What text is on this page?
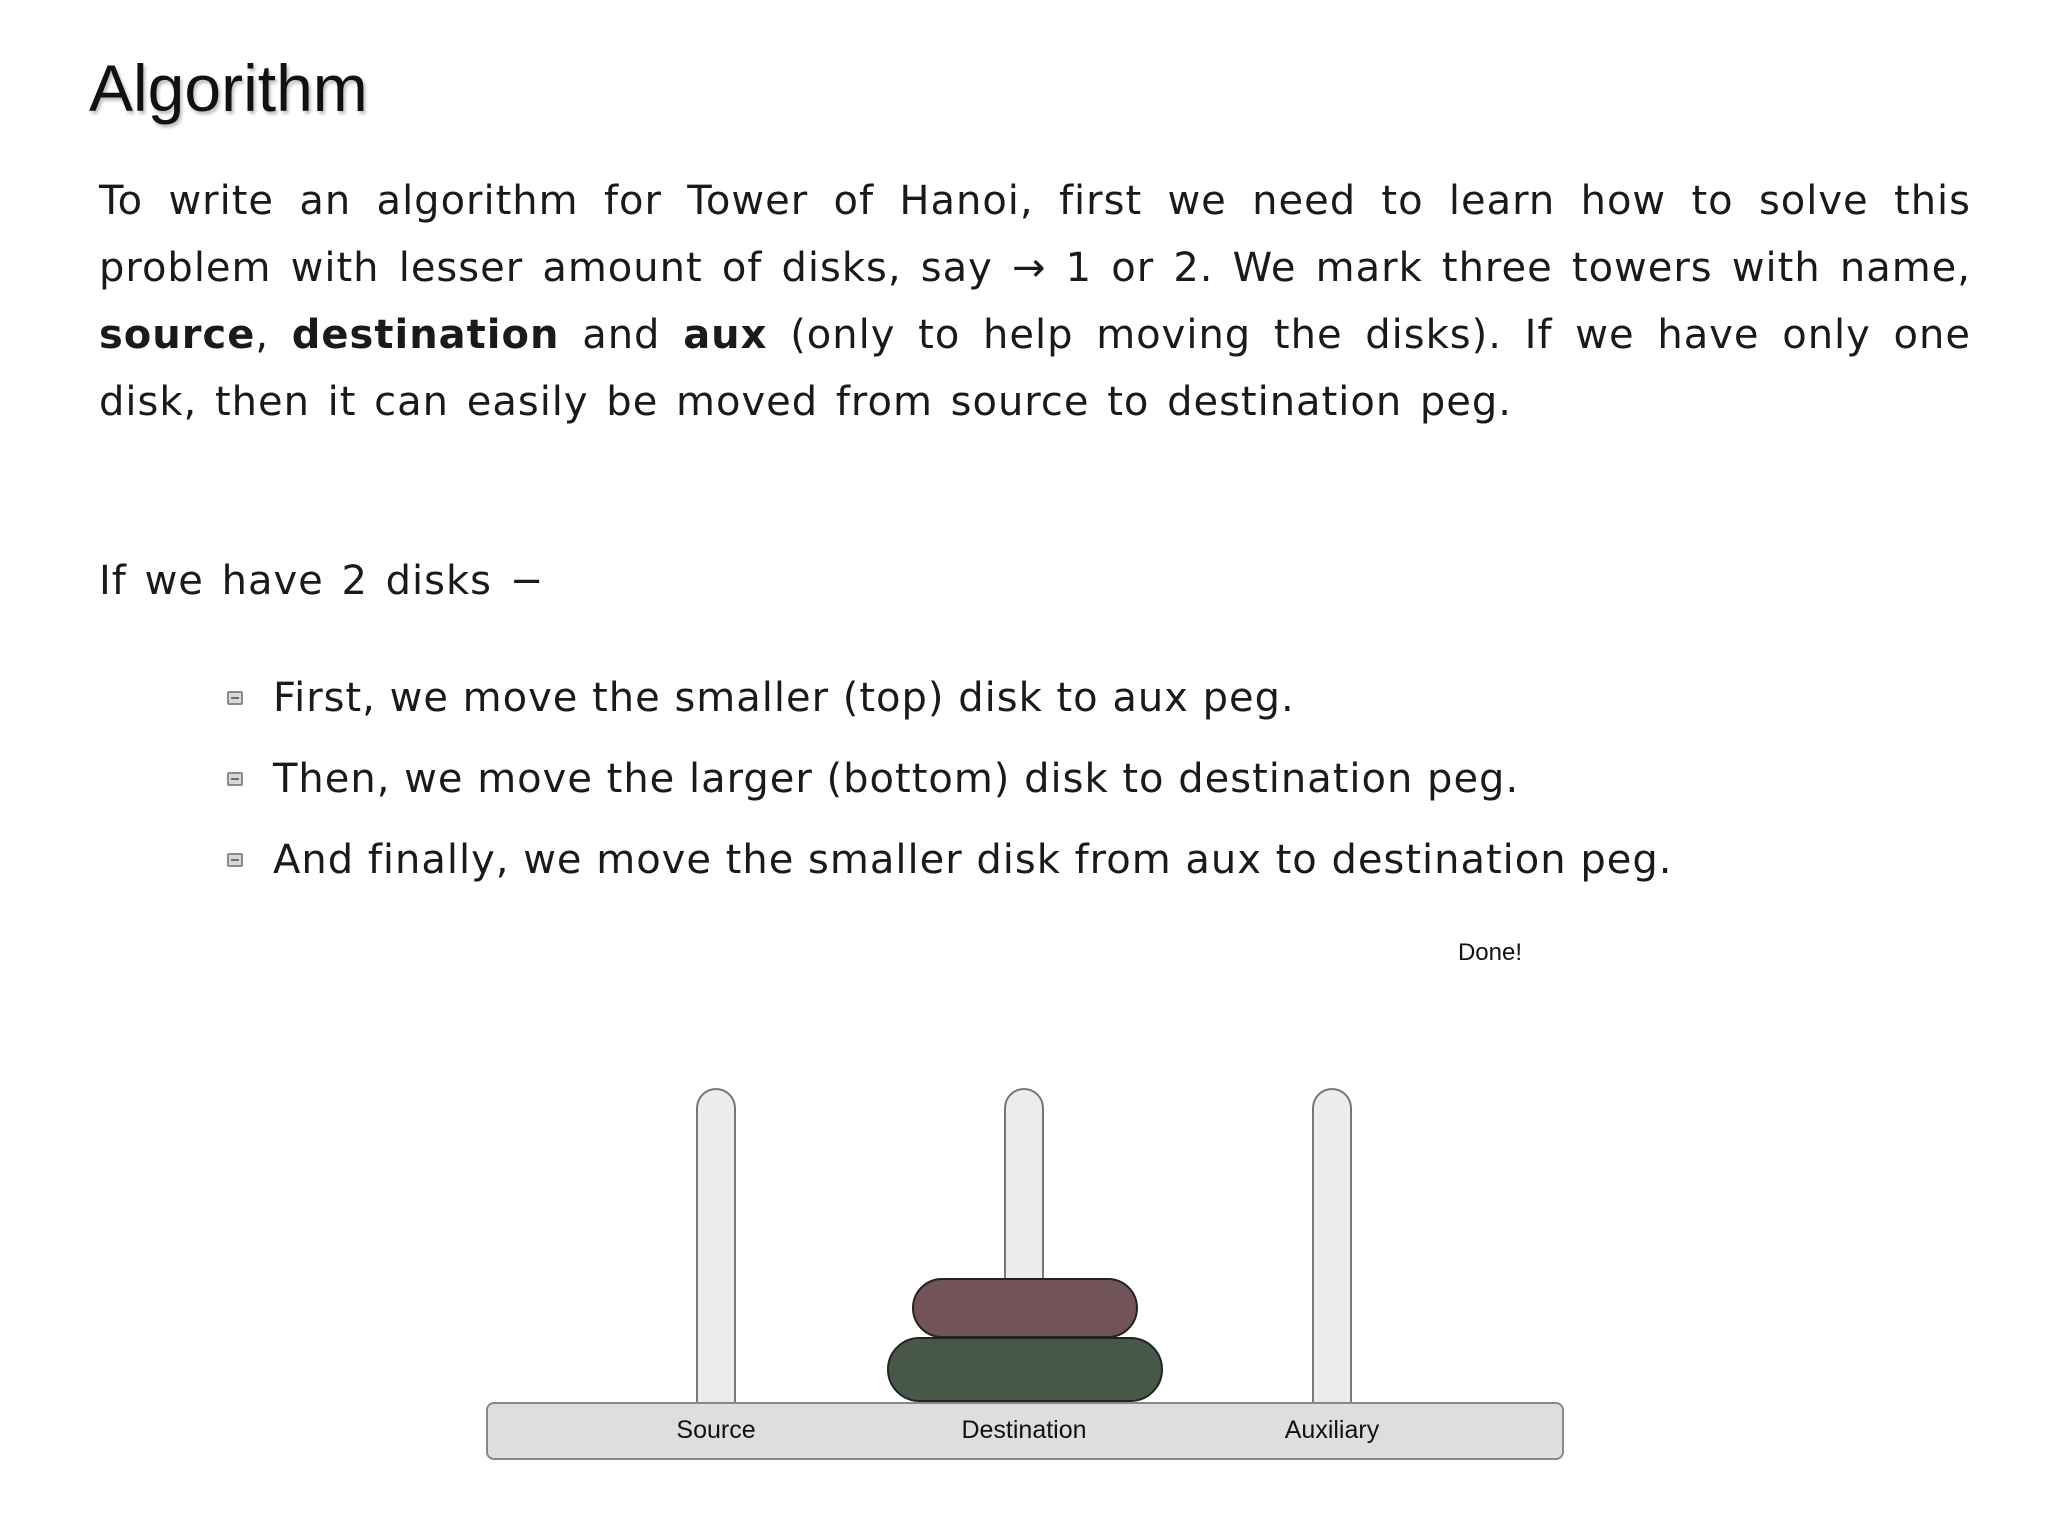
Algorithm

To write an algorithm for Tower of Hanoi, first we need to learn how to solve this problem with lesser amount of disks, say → 1 or 2. We mark three towers with name, source, destination and aux (only to help moving the disks). If we have only one disk, then it can easily be moved from source to destination peg.

If we have 2 disks −

First, we move the smaller (top) disk to aux peg.
Then, we move the larger (bottom) disk to destination peg.
And finally, we move the smaller disk from aux to destination peg.
Done!
Source	Destination	Auxiliary
